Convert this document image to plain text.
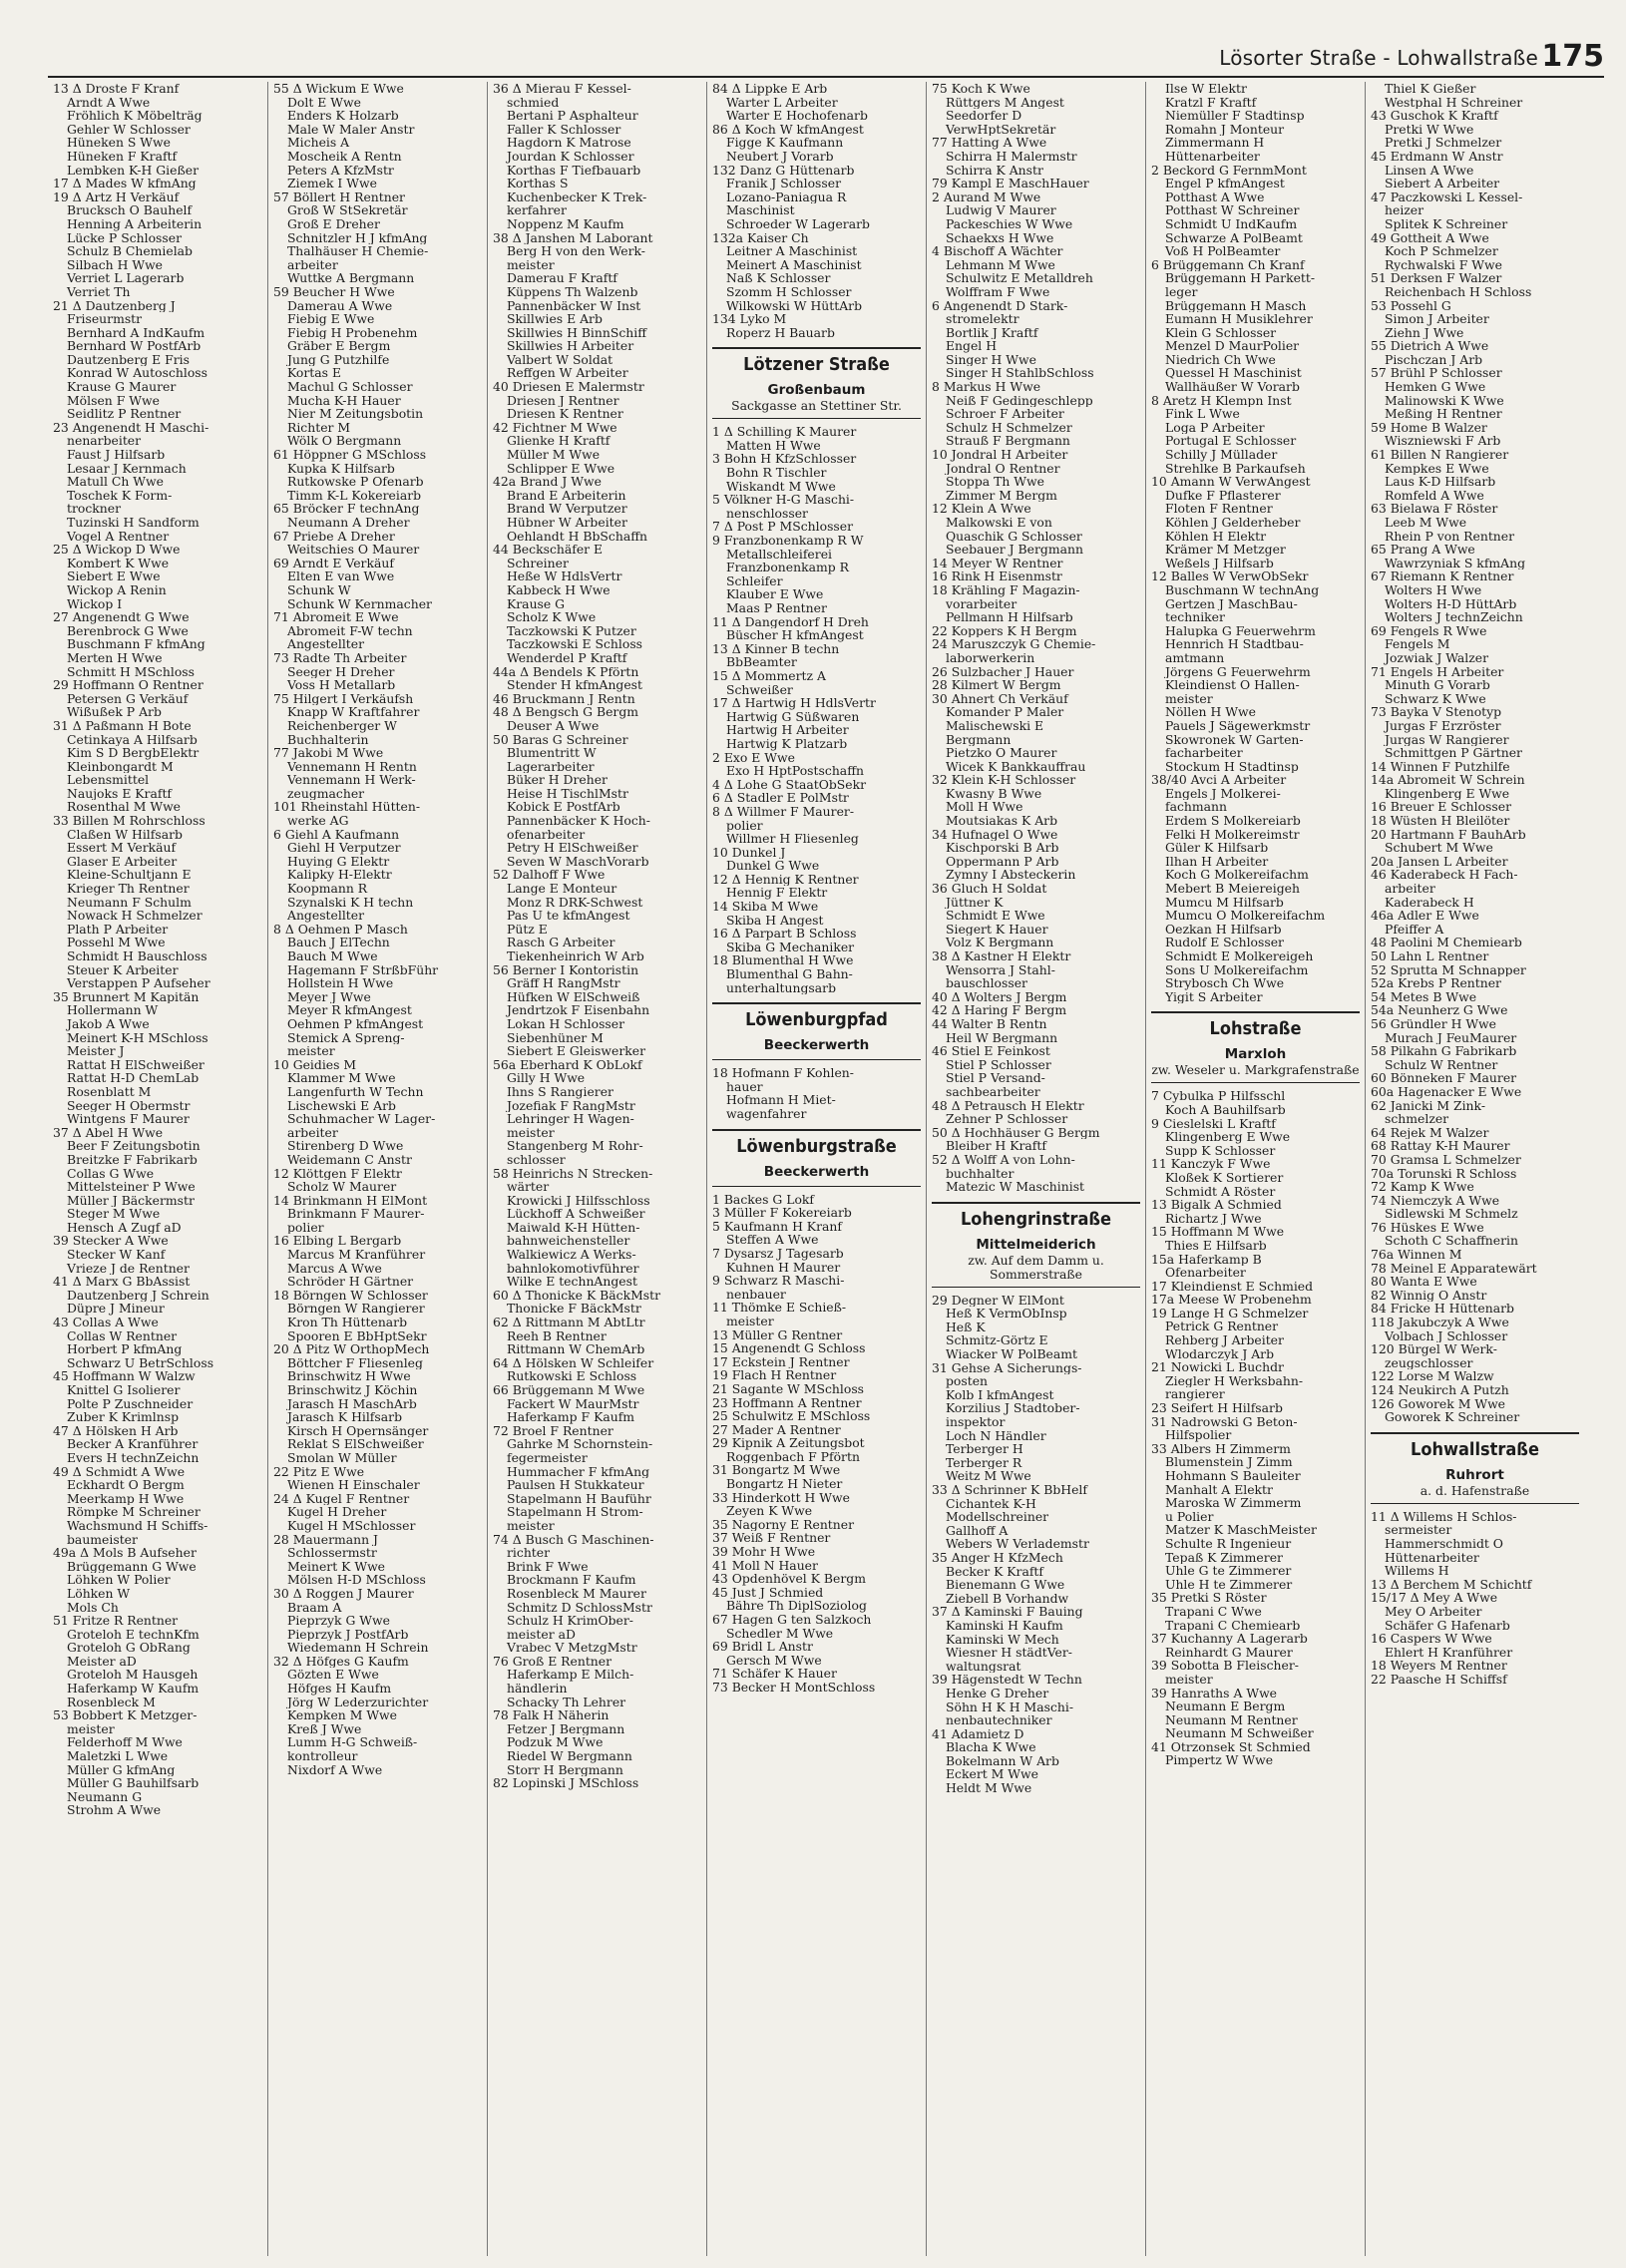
Lösorter Straße - Lohwallstraße 175
13 Δ Droste F Kranf
Arndt A Wwe
Fröhlich K Möbelträg
Gehler W Schlosser
Hüneken S Wwe
Hüneken F Kraftf
Lembken K-H Gießer
17 Δ Mades W kfmAng
19 Δ Artz H Verkäuf
Brucksch O Bauhelf
Henning A Arbeiterin
Lücke P Schlosser
Schulz B Chemielab
Silbach H Wwe
Verriet L Lagerarb
Verriet Th
21 Δ Dautzenberg J
Friseurmstr
Bernhard A IndKaufm
Bernhard W PostfArb
Dautzenberg E Fris
Konrad W Autoschloss
Krause G Maurer
Mölsen F Wwe
Seidlitz P Rentner
23 Angenendt H Maschi-
nenarbeiter
Faust J Hilfsarb
Lesaar J Kernmach
Matull Ch Wwe
Toschek K Form-
trockner
Tuzinski H Sandform
Vogel A Rentner
25 Δ Wickop D Wwe
Kombert K Wwe
Siebert E Wwe
Wickop A Renin
Wickop I
27 Angenendt G Wwe
Berenbrock G Wwe
Buschmann F kfmAng
Merten H Wwe
Schmitt H MSchloss
29 Hoffmann O Rentner
Petersen G Verkäuf
Wißußek P Arb
31 Δ Paßmann H Bote
Cetinkaya A Hilfsarb
Kim S D BergbElektr
Kleinbongardt M
Lebensmittel
Naujoks E Kraftf
Rosenthal M Wwe
33 Billen M Rohrschloss
Claßen W Hilfsarb
Essert M Verkäuf
Glaser E Arbeiter
Kleine-Schultjann E
Krieger Th Rentner
Neumann F Schulm
Nowack H Schmelzer
Plath P Arbeiter
Possehl M Wwe
Schmidt H Bauschloss
Steuer K Arbeiter
Verstappen P Aufseher
35 Brunnert M Kapitän
Hollermann W
Jakob A Wwe
Meinert K-H MSchloss
Meister J
Rattat H ElSchweißer
Rattat H-D ChemLab
Rosenblatt M
Seeger H Obermstr
Wintgens F Maurer
37 Δ Abel H Wwe
Beer F Zeitungsbotin
Breitzke F Fabrikarb
Collas G Wwe
Mittelsteiner P Wwe
Müller J Bäckermstr
Steger M Wwe
Hensch A Zugf aD
39 Stecker A Wwe
Stecker W Kanf
Vrieze J de Rentner
41 Δ Marx G BbAssist
Dautzenberg J Schrein
Düpre J Mineur
43 Collas A Wwe
Collas W Rentner
Horbert P kfmAng
Schwarz U BetrSchloss
45 Hoffmann W Walzw
Knittel G Isolierer
Polte P Zuschneider
Zuber K Krimlnsp
47 Δ Hölsken H Arb
Becker A Kranführer
Evers H technZeichn
49 Δ Schmidt A Wwe
Eckhardt O Bergm
Meerkamp H Wwe
Römpke M Schreiner
Wachsmund H Schiffs-
baumeister
49a Δ Mols B Aufseher
Brüggemann G Wwe
Löhken W Polier
Löhken W
Mols Ch
51 Fritze R Rentner
Groteloh E technKfm
Groteloh G ObRang
Meister aD
Groteloh M Hausgeh
Haferkamp W Kaufm
Rosenbleck M
53 Bobbert K Metzger-
meister
Felderhoff M Wwe
Maletzki L Wwe
Müller G kfmAng
Müller G Bauhilfsarb
Neumann G
Strohm A Wwe
55 Δ Wickum E Wwe
Dolt E Wwe
Enders K Holzarb
Male W Maler Anstr
Micheis A
Moscheik A Rentn
Peters A KfzMstr
Ziemek I Wwe
57 Böllert H Rentner
Groß W StSekretär
Groß E Dreher
Schnitzler H J kfmAng
Thalhäuser H Chemie-
arbeiter
Wuttke A Bergmann
59 Beucher H Wwe
Damerau A Wwe
Fiebig E Wwe
Fiebig H Probenehm
Gräber E Bergm
Jung G Putzhilfe
Kortas E
Machul G Schlosser
Mucha K-H Hauer
Nier M Zeitungsbotin
Richter M
Wölk O Bergmann
61 Höppner G MSchloss
Kupka K Hilfsarb
Rutkowske P Ofenarb
Timm K-L Kokereiarb
65 Bröcker F technAng
Neumann A Dreher
67 Priebe A Dreher
Weitschies O Maurer
69 Arndt E Verkäuf
Elten E van Wwe
Schunk W
Schunk W Kernmacher
71 Abromeit E Wwe
Abromeit F-W techn
Angestellter
73 Radte Th Arbeiter
Seeger H Dreher
Voss H Metallarb
75 Hilgert I Verkäufsh
Knapp W Kraftfahrer
Reichenberger W
Buchhalterin
77 Jakobi M Wwe
Vennemann H Rentn
Vennemann H Werk-
zeugmacher
101 Rheinstahl Hütten-
werke AG
6 Giehl A Kaufmann
Giehl H Verputzer
Huying G Elektr
Kalipky H-Elektr
Koopmann R
Szynalski K H techn
Angestellter
8 Δ Oehmen P Masch
Bauch J ElTechn
Bauch M Wwe
Hagemann F StrßbFühr
Hollstein H Wwe
Meyer J Wwe
Meyer R kfmAngest
Oehmen P kfmAngest
Stemick A Spreng-
meister
10 Geidies M
Klammer M Wwe
Langenfurth W Techn
Lischewski E Arb
Schuhmacher W Lager-
arbeiter
Stirenberg D Wwe
Weidemann C Anstr
12 Klöttgen F Elektr
Scholz W Maurer
14 Brinkmann H ElMont
Brinkmann F Maurer-
polier
16 Elbing L Bergarb
Marcus M Kranführer
Marcus A Wwe
Schröder H Gärtner
18 Börngen W Schlosser
Börngen W Rangierer
Kron Th Hüttenarb
Spooren E BbHptSekr
20 Δ Pitz W OrthopMech
Böttcher F Fliesenleg
Brinschwitz H Wwe
Brinschwitz J Köchin
Jarasch H MaschArb
Jarasch K Hilfsarb
Kirsch H Opernsänger
Reklat S ElSchweißer
Smolan W Müller
22 Pitz E Wwe
Wienen H Einschaler
24 Δ Kugel F Rentner
Kugel H Dreher
Kugel H MSchlosser
28 Mauermann J
Schlossermstr
Meinert K Wwe
Mölsen H-D MSchloss
30 Δ Roggen J Maurer
Braam A
Pieprzyk G Wwe
Pieprzyk J PostfArb
Wiedemann H Schrein
32 Δ Höfges G Kaufm
Gözten E Wwe
Höfges H Kaufm
Jörg W Lederzurichter
Kempken M Wwe
Kreß J Wwe
Lumm H-G Schweiß-
kontrolleur
Nixdorf A Wwe
36 Δ Mierau F Kessel-
schmied
Bertani P Asphalteur
Faller K Schlosser
Hagdorn K Matrose
Jourdan K Schlosser
Korthas F Tiefbauarb
Korthas S
Kuchenbecker K Trek-
kerfahrer
Noppenz M Kaufm
38 Δ Janshen M Laborant
Berg H von den Werk-
meister
Damerau F Kraftf
Küppens Th Walzenb
Pannenbäcker W Inst
Skillwies E Arb
Skillwies H BinnSchiff
Skillwies H Arbeiter
Valbert W Soldat
Reffgen W Arbeiter
40 Driesen E Malermstr
Driesen J Rentner
Driesen K Rentner
42 Fichtner M Wwe
Glienke H Kraftf
Müller M Wwe
Schlipper E Wwe
42a Brand J Wwe
Brand E Arbeiterin
Brand W Verputzer
Hübner W Arbeiter
Oehlandt H BbSchaffn
44 Beckschäfer E
Schreiner
Heße W HdlsVertr
Kabbeck H Wwe
Krause G
Scholz K Wwe
Taczkowski K Putzer
Taczkowski E Schloss
Wenderdel P Kraftf
44a Δ Bendels K Pförtn
Stender H kfmAngest
46 Bruckmann J Rentn
48 Δ Bengsch G Bergm
Deuser A Wwe
50 Baras G Schreiner
Blumentritt W
Lagerarbeiter
Büker H Dreher
Heise H TischlMstr
Kobick E PostfArb
Pannenbäcker K Hoch-
ofenarbeiter
Petry H ElSchweißer
Seven W MaschVorarb
52 Dalhoff F Wwe
Lange E Monteur
Monz R DRK-Schwest
Pas U te kfmAngest
Pütz E
Rasch G Arbeiter
Tiekenheinrich W Arb
56 Berner I Kontoristin
Gräff H RangMstr
Hüfken W ElSchweiß
Jendrtzok F Eisenbahn
Lokan H Schlosser
Siebenhüner M
Siebert E Gleiswerker
56a Eberhard K ObLokf
Gilly H Wwe
Ihns S Rangierer
Jozefiak F RangMstr
Lehringer H Wagen-
meister
Stangenberg M Rohr-
schlosser
58 Heinrichs N Strecken-
wärter
Krowicki J Hilfsschloss
Lückhoff A Schweißer
Maiwald K-H Hütten-
bahnweichensteller
Walkiewicz A Werks-
bahnlokomotivführer
Wilke E technAngest
60 Δ Thonicke K BäckMstr
Thonicke F BäckMstr
62 Δ Rittmann M AbtLtr
Reeh B Rentner
Rittmann W ChemArb
64 Δ Hölsken W Schleifer
Rutkowski E Schloss
66 Brüggemann M Wwe
Fackert W MaurMstr
Haferkamp F Kaufm
72 Broel F Rentner
Gahrke M Schornstein-
fegermeister
Hummacher F kfmAng
Paulsen H Stukkateur
Stapelmann H Bauführ
Stapelmann H Strom-
meister
74 Δ Busch G Maschinen-
richter
Brink F Wwe
Brockmann F Kaufm
Rosenbleck M Maurer
Schmitz D SchlossMstr
Schulz H KrimOber-
meister aD
Vrabec V MetzgMstr
76 Groß E Rentner
Haferkamp E Milch-
händlerin
Schacky Th Lehrer
78 Falk H Näherin
Fetzer J Bergmann
Podzuk M Wwe
Riedel W Bergmann
Storr H Bergmann
82 Lopinski J MSchloss
84 Δ Lippke E Arb
Warter L Arbeiter
Warter E Hochofenarb
86 Δ Koch W kfmAngest
Figge K Kaufmann
Neubert J Vorarb
132 Danz G Hüttenarb
Franik J Schlosser
Lozano-Paniagua R
Maschinist
Schroeder W Lagerarb
132a Kaiser Ch
Leitner A Maschinist
Meinert A Maschinist
Naß K Schlosser
Szomm H Schlosser
Wilkowski W HüttArb
134 Lyko M
Roperz H Bauarb
Lötzener Straße
Großenbaum
Sackgasse an Stettiner Str.
1 Δ Schilling K Maurer
Matten H Wwe
3 Bohn H KfzSchlosser
Bohn R Tischler
Wiskandt M Wwe
5 Völkner H-G Maschi-
nenschlosser
7 Δ Post P MSchlosser
9 Franzbonenkamp R W
Metallschleiferei
Franzbonenkamp R
Schleifer
Klauber E Wwe
Maas P Rentner
11 Δ Dangendorf H Dreh
Büscher H kfmAngest
13 Δ Kinner B techn
BbBeamter
15 Δ Mommertz A
Schweißer
17 Δ Hartwig H HdlsVertr
Hartwig G Süßwaren
Hartwig H Arbeiter
Hartwig K Platzarb
2 Exo E Wwe
Exo H HptPostschaffn
4 Δ Lohe G StaatObSekr
6 Δ Stadler E PolMstr
8 Δ Willmer F Maurer-
polier
Willmer H Fliesenleg
10 Dunkel J
Dunkel G Wwe
12 Δ Hennig K Rentner
Hennig F Elektr
14 Skiba M Wwe
Skiba H Angest
16 Δ Parpart B Schloss
Skiba G Mechaniker
18 Blumenthal H Wwe
Blumenthal G Bahn-
unterhaltungsarb
Löwenburgpfad
Beeckerwerth
18 Hofmann F Kohlen-
hauer
Hofmann H Miet-
wagenfahrer
Löwenburgstraße
Beeckerwerth
1 Backes G Lokf
3 Müller F Kokereiarb
5 Kaufmann H Kranf
Steffen A Wwe
7 Dysarsz J Tagesarb
Kuhnen H Maurer
9 Schwarz R Maschi-
nenbauer
11 Thömke E Schieß-
meister
13 Müller G Rentner
15 Angenendt G Schloss
17 Eckstein J Rentner
19 Flach H Rentner
21 Sagante W MSchloss
23 Hoffmann A Rentner
25 Schulwitz E MSchloss
27 Mader A Rentner
29 Kipnik A Zeitungsbot
Roggenbach F Pförtn
31 Bongartz M Wwe
Bongartz H Nieter
33 Hinderkott H Wwe
Zeyen K Wwe
35 Nagorny E Rentner
37 Weiß F Rentner
39 Mohr H Wwe
41 Moll N Hauer
43 Opdenhövel K Bergm
45 Just J Schmied
Bähre Th DiplSoziolog
67 Hagen G ten Salzkoch
Schedler M Wwe
69 Bridl L Anstr
Gersch M Wwe
71 Schäfer K Hauer
73 Becker H MontSchloss
75 Koch K Wwe
Rüttgers M Angest
Seedorfer D
VerwHptSekretär
77 Hatting A Wwe
Schirra H Malermstr
Schirra K Anstr
79 Kampl E MaschHauer
2 Aurand M Wwe
Ludwig V Maurer
Packeschies W Wwe
Schaekxs H Wwe
4 Bischoff A Wächter
Lehmann M Wwe
Schulwitz E Metalldreh
Wolffram F Wwe
6 Angenendt D Stark-
stromelektr
Bortlik J Kraftf
Engel H
Singer H Wwe
Singer H StahlbSchloss
8 Markus H Wwe
Neiß F Gedingeschlepp
Schroer F Arbeiter
Schulz H Schmelzer
Strauß F Bergmann
10 Jondral H Arbeiter
Jondral O Rentner
Stoppa Th Wwe
Zimmer M Bergm
12 Klein A Wwe
Malkowski E von
Quaschik G Schlosser
Seebauer J Bergmann
14 Meyer W Rentner
16 Rink H Eisenmstr
18 Krähling F Magazin-
vorarbeiter
Pellmann H Hilfsarb
22 Koppers K H Bergm
24 Maruszczyk G Chemie-
laborwerkerin
26 Sulzbacher J Hauer
28 Kilmert W Bergm
30 Ahnert Ch Verkäuf
Komander P Maler
Malischewski E
Bergmann
Pietzko O Maurer
Wicek K Bankkauffrau
32 Klein K-H Schlosser
Kwasny B Wwe
Moll H Wwe
Moutsiakas K Arb
34 Hufnagel O Wwe
Kischporski B Arb
Oppermann P Arb
Zymny I Absteckerin
36 Gluch H Soldat
Jüttner K
Schmidt E Wwe
Siegert K Hauer
Volz K Bergmann
38 Δ Kastner H Elektr
Wensorra J Stahl-
bauschlosser
40 Δ Wolters J Bergm
42 Δ Haring F Bergm
44 Walter B Rentn
Heil W Bergmann
46 Stiel E Feinkost
Stiel P Schlosser
Stiel P Versand-
sachbearbeiter
48 Δ Petrausch H Elektr
Zehner P Schlosser
50 Δ Hochhäuser G Bergm
Bleiber H Kraftf
52 Δ Wolff A von Lohn-
buchhalter
Matezic W Maschinist
Lohengrinstraße
Mittelmeiderich
zw. Auf dem Damm u. Sommerstraße
29 Degner W ElMont
Heß K VermObInsp
Heß K
Schmitz-Görtz E
Wiacker W PolBeamt
31 Gehse A Sicherungs-
posten
Kolb I kfmAngest
Korzilius J Stadtober-
inspektor
Loch N Händler
Terberger H
Terberger R
Weitz M Wwe
33 Δ Schrinner K BbHelf
Cichantek K-H
Modellschreiner
Gallhoff A
Webers W Verlademstr
35 Anger H KfzMech
Becker K Kraftf
Bienemann G Wwe
Ziebell B Vorhandw
37 Δ Kaminski F Bauing
Kaminski H Kaufm
Kaminski W Mech
Wiesner H städtVer-
waltungsrat
39 Hägenstedt W Techn
Henke G Dreher
Söhn H K H Maschi-
nenbautechniker
41 Adamietz D
Blacha K Wwe
Bokelmann W Arb
Eckert M Wwe
Heldt M Wwe
Ilse W Elektr
Kratzl F Kraftf
Niemüller F Stadtinsp
Romahn J Monteur
Zimmermann H
Hüttenarbeiter
2 Beckord G FernmMont
Engel P kfmAngest
Potthast A Wwe
Potthast W Schreiner
Schmidt U IndKaufm
Schwarze A PolBeamt
Voß H PolBeamter
6 Brüggemann Ch Kranf
Brüggemann H Parkett-
leger
Brüggemann H Masch
Eumann H Musiklehrer
Klein G Schlosser
Menzel D MaurPolier
Niedrich Ch Wwe
Quessel H Maschinist
Wallhäußer W Vorarb
8 Aretz H Klempn Inst
Fink L Wwe
Loga P Arbeiter
Portugal E Schlosser
Schilly J Müllader
Strehlke B Parkaufseh
10 Amann W VerwAngest
Dufke F Pflasterer
Floten F Rentner
Köhlen J Gelderheber
Köhlen H Elektr
Krämer M Metzger
Weßels J Hilfsarb
12 Balles W VerwObSekr
Buschmann W technAng
Gertzen J MaschBau-
techniker
Halupka G Feuerwehrm
Hennrich H Stadtbau-
amtmann
Jörgens G Feuerwehrm
Kleindienst O Hallen-
meister
Nöllen H Wwe
Pauels J Sägewerkmstr
Skowronek W Garten-
facharbeiter
Stockum H Stadtinsp
38/40 Avci A Arbeiter
Engels J Molkerei-
fachmann
Erdem S Molkereiarb
Felki H Molkereimstr
Güler K Hilfsarb
Ilhan H Arbeiter
Koch G Molkereifachm
Mebert B Meiereigeh
Mumcu M Hilfsarb
Mumcu O Molkereifachm
Oezkan H Hilfsarb
Rudolf E Schlosser
Schmidt E Molkereigeh
Sons U Molkereifachm
Strybosch Ch Wwe
Yigit S Arbeiter
Lohstraße
Marxloh
zw. Weseler u. Markgrafenstraße
7 Cybulka P Hilfsschl
Koch A Bauhilfsarb
9 Cieslelski L Kraftf
Klingenberg E Wwe
Supp K Schlosser
11 Kanczyk F Wwe
Kloßek K Sortierer
Schmidt A Röster
13 Bigalk A Schmied
Richartz J Wwe
15 Hoffmann M Wwe
Thies E Hilfsarb
15a Haferkamp B
Ofenarbeiter
17 Kleindienst E Schmied
17a Meese W Probenehm
19 Lange H G Schmelzer
Petrick G Rentner
Rehberg J Arbeiter
Wlodarczyk J Arb
21 Nowicki L Buchdr
Ziegler H Werksbahn-
rangierer
23 Seifert H Hilfsarb
31 Nadrowski G Beton-
Hilfspolier
33 Albers H Zimmerm
Blumenstein J Zimm
Hohmann S Bauleiter
Manhalt A Elektr
Maroska W Zimmerm
u Polier
Matzer K MaschMeister
Schulte R Ingenieur
Tepaß K Zimmerer
Uhle G te Zimmerer
Uhle H te Zimmerer
35 Pretki S Röster
Trapani C Wwe
Trapani C Chemiearb
37 Kuchanny A Lagerarb
Reinhardt G Maurer
39 Sobotta B Fleischer-
meister
39 Hanraths A Wwe
Neumann E Bergm
Neumann M Rentner
Neumann M Schweißer
41 Otrzonsek St Schmied
Pimpertz W Wwe
Thiel K Gießer
Westphal H Schreiner
43 Guschok K Kraftf
Pretki W Wwe
Pretki J Schmelzer
45 Erdmann W Anstr
Linsen A Wwe
Siebert A Arbeiter
47 Paczkowski L Kessel-
heizer
Splitek K Schreiner
49 Gottheit A Wwe
Koch P Schmelzer
Rychwalski F Wwe
51 Derksen F Walzer
Reichenbach H Schloss
53 Possehl G
Simon J Arbeiter
Ziehn J Wwe
55 Dietrich A Wwe
Pischczan J Arb
57 Brühl P Schlosser
Hemken G Wwe
Malinowski K Wwe
Meßing H Rentner
59 Home B Walzer
Wiszniewski F Arb
61 Billen N Rangierer
Kempkes E Wwe
Laus K-D Hilfsarb
Romfeld A Wwe
63 Bielawa F Röster
Leeb M Wwe
Rhein P von Rentner
65 Prang A Wwe
Wawrzyniak S kfmAng
67 Riemann K Rentner
Wolters H Wwe
Wolters H-D HüttArb
Wolters J technZeichn
69 Fengels R Wwe
Fengels M
Jozwiak J Walzer
71 Engels H Arbeiter
Minuth G Vorarb
Schwarz K Wwe
73 Bayka V Stenotyp
Jurgas F Erzröster
Jurgas W Rangierer
Schmittgen P Gärtner
14 Winnen F Putzhilfe
14a Abromeit W Schrein
Klingenberg E Wwe
16 Breuer E Schlosser
18 Wüsten H Bleilöter
20 Hartmann F BauhArb
Schubert M Wwe
20a Jansen L Arbeiter
46 Kaderabeck H Fach-
arbeiter
Kaderabeck H
46a Adler E Wwe
Pfeiffer A
48 Paolini M Chemiearb
50 Lahn L Rentner
52 Sprutta M Schnapper
52a Krebs P Rentner
54 Metes B Wwe
54a Neunherz G Wwe
56 Gründler H Wwe
Murach J FeuMaurer
58 Pilkahn G Fabrikarb
Schulz W Rentner
60 Bönneken F Maurer
60a Hagenacker E Wwe
62 Janicki M Zink-
schmelzer
64 Rejek M Walzer
68 Rattay K-H Maurer
70 Gramsa L Schmelzer
70a Torunski R Schloss
72 Kamp K Wwe
74 Niemczyk A Wwe
Sidlewski M Schmelz
76 Hüskes E Wwe
Schoth C Schaffnerin
76a Winnen M
78 Meinel E Apparatewärt
80 Wanta E Wwe
82 Winnig O Anstr
84 Fricke H Hüttenarb
118 Jakubczyk A Wwe
Volbach J Schlosser
120 Bürgel W Werk-
zeugschlosser
122 Lorse M Walzw
124 Neukirch A Putzh
126 Goworek M Wwe
Goworek K Schreiner
Lohwallstraße
Ruhrort
a. d. Hafenstraße
11 Δ Willems H Schlos-
sermeister
Hammerschmidt O
Hüttenarbeiter
Willems H
13 Δ Berchem M Schichtf
15/17 Δ Mey A Wwe
Mey O Arbeiter
Schäfer G Hafenarb
16 Caspers W Wwe
Ehlert H Kranführer
18 Weyers M Rentner
22 Paasche H Schiffsf
